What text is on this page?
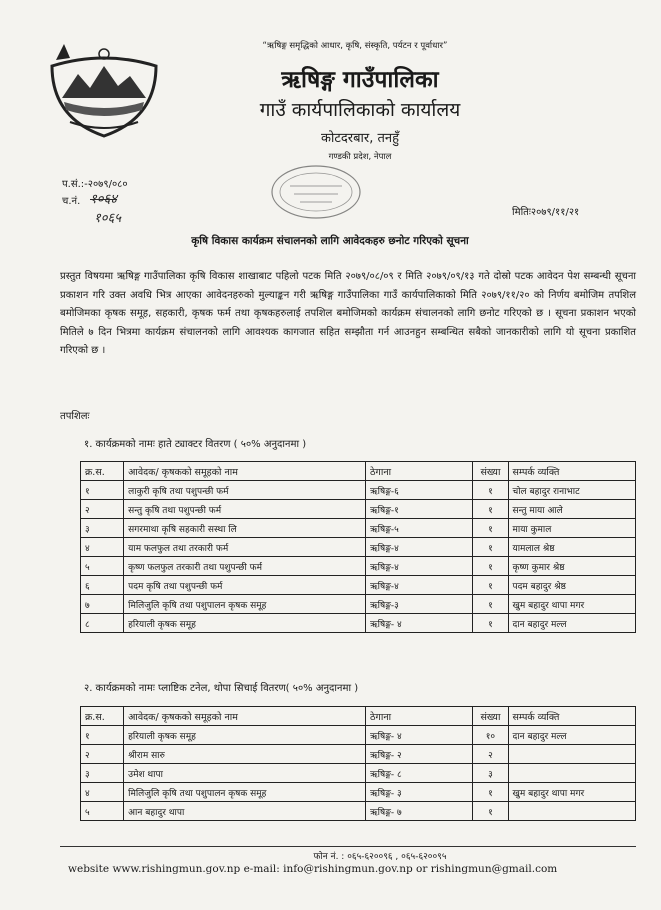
“ऋषिङ्ग समृद्धिको आधार, कृषि, संस्कृति, पर्यटन र पूर्वाधार”
ऋषिङ्ग गाउँपालिका
गाउँ कार्यपालिकाको कार्यालय
कोटदरबार, तनहुँ
गण्डकी प्रदेश, नेपाल
प.सं.:-२०७९/०८०
च.नं. १०६४
१०६५	मितिः२०७९/११/२१
कृषि विकास कार्यक्रम संचालनको लागि आवेदकहरु छनोट गरिएको सूचना
प्रस्तुत विषयमा ऋषिङ्ग गाउँपालिका कृषि विकास शाखाबाट पहिलो पटक मिति २०७९/०८/०९ र मिति २०७९/०९/१३ गते दोस्रो पटक आवेदन पेश सम्बन्धी सूचना प्रकाशन गरि उक्त अवधि भित्र आएका आवेदनहरुको मुल्याङ्कन गरी ऋषिङ्ग गाउँपालिका गाउँ कार्यपालिकाको मिति २०७९/११/२० को निर्णय बमोजिम तपशिल बमोजिमका कृषक समूह, सहकारी, कृषक फर्म तथा कृषकहरुलाई तपशिल बमोजिमको कार्यक्रम संचालनको लागि छनोट गरिएको छ । सूचना प्रकाशन भएको मितिले ७ दिन भित्रमा कार्यक्रम संचालनको लागि आवश्यक कागजात सहित सम्झौता गर्न आउनहुन सम्बन्धित सबैको जानकारीको लागि यो सूचना प्रकाशित गरिएको छ ।
तपशिलः
१. कार्यक्रमको नामः हाते ट्याक्टर वितरण ( ५०% अनुदानमा )
क्र.स.	आवेदक/ कृषकको समूहको नाम	ठेगाना	संख्या	सम्पर्क व्यक्ति
१	लाकुरी कृषि तथा पशुपन्छी फर्म	ऋषिङ्ग-६	१	चोल बहादुर रानाभाट
२	सन्तु कृषि तथा पशुपन्छी फर्म	ऋषिङ्ग-१	१	सन्तु माया आले
३	सगरमाथा कृषि सहकारी सस्था लि	ऋषिङ्ग-५	१	माया कुमाल
४	याम फलफुल तथा तरकारी फर्म	ऋषिङ्ग-४	१	यामलाल श्रेष्ठ
५	कृष्ण फलफुल तरकारी तथा पशुपन्छी फर्म	ऋषिङ्ग-४	१	कृष्ण कुमार श्रेष्ठ
६	पदम कृषि तथा पशुपन्छी फर्म	ऋषिङ्ग-४	१	पदम बहादुर श्रेष्ठ
७	मिलिजुलि कृषि तथा पशुपालन कृषक समूह	ऋषिङ्ग-३	१	खुम बहादुर थापा मगर
८	हरियाली कृषक समूह	ऋषिङ्ग- ४	१	दान बहादुर मल्ल
२. कार्यक्रमको नामः प्लाष्टिक टनेल, थोपा सिचाई वितरण( ५०% अनुदानमा )
क्र.स.	आवेदक/ कृषकको समूहको नाम	ठेगाना	संख्या	सम्पर्क व्यक्ति
१	हरियाली कृषक समूह	ऋषिङ्ग- ४	१०	दान बहादुर मल्ल
२	श्रीराम सारु	ऋषिङ्ग- २	२	
३	उमेश थापा	ऋषिङ्ग- ८	३	
४	मिलिजुलि कृषि तथा पशुपालन कृषक समूह	ऋषिङ्ग- ३	१	खुम बहादुर थापा मगर
५	आन बहादुर थापा	ऋषिङ्ग- ७	१	
फोन नं. : ०६५-६२००९६ , ०६५-६२००९५
website www.rishingmun.gov.np e-mail: info@rishingmun.gov.np or rishingmun@gmail.com
